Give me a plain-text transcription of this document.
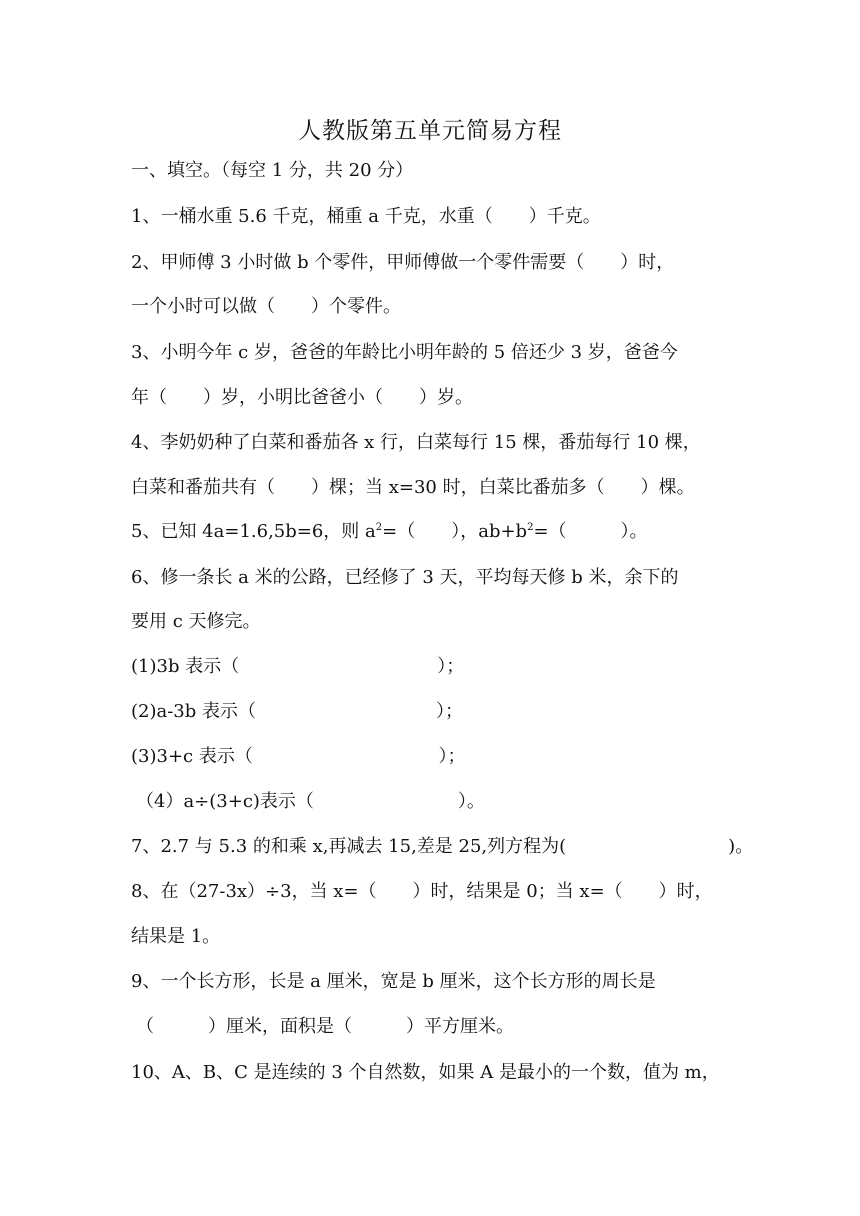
人教版第五单元简易方程
一、填空。（每空 1 分，共 20 分）
1、一桶水重 5.6 千克，桶重 a 千克，水重（　　）千克。
2、甲师傅 3 小时做 b 个零件，甲师傅做一个零件需要（　　）时，
一个小时可以做（　　）个零件。
3、小明今年 c 岁，爸爸的年龄比小明年龄的 5 倍还少 3 岁，爸爸今
年（　　）岁，小明比爸爸小（　　）岁。
4、李奶奶种了白菜和番茄各 x 行，白菜每行 15 棵，番茄每行 10 棵，
白菜和番茄共有（　　）棵；当 x=30 时，白菜比番茄多（　　）棵。
5、已知 4a=1.6,5b=6，则 $a^2=$（　　），$ab+b^2=$（　　　）。
6、修一条长 a 米的公路，已经修了 3 天，平均每天修 b 米，余下的
要用 c 天修完。
(1)3b 表示（　　　　　　　　　　　）；
(2)a-3b 表示（　　　　　　　　　　）；
(3)3+c 表示（　　　　　　　　　　 ）；
（4）a÷(3+c)表示（　　　　　　　　）。
7、2.7 与 5.3 的和乘 x,再减去 15,差是 25,列方程为(　　　　　　　　　)。
8、在（27-3x）÷3，当 x=（　　）时，结果是 0；当 x=（　　）时，
结果是 1。
9、一个长方形，长是 a 厘米，宽是 b 厘米，这个长方形的周长是
（　　　）厘米，面积是（　　　）平方厘米。
10、A、B、C 是连续的 3 个自然数，如果 A 是最小的一个数，值为 m，
